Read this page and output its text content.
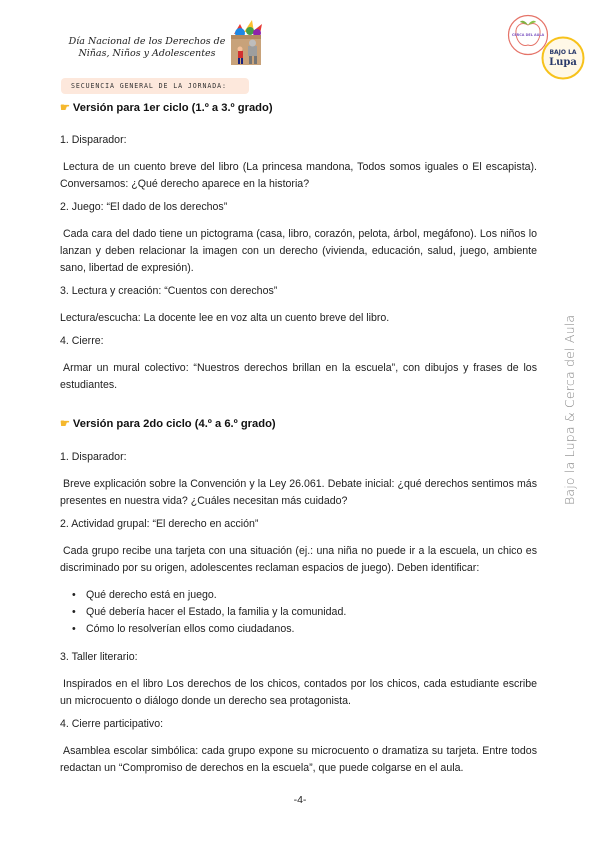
Día Nacional de los Derechos de
Niñas, Niños y Adolescentes
CERCA DEL AULA
BAJO LA
Lupa
SECUENCIA GENERAL DE LA JORNADA:
☛ Versión para 1er ciclo (1.º a 3.º grado)

1. Disparador:

Lectura de un cuento breve del libro (La princesa mandona, Todos somos iguales o El escapista). Conversamos: ¿Qué derecho aparece en la historia?

2. Juego: “El dado de los derechos”

Cada cara del dado tiene un pictograma (casa, libro, corazón, pelota, árbol, megáfono). Los niños lo lanzan y deben relacionar la imagen con un derecho (vivienda, educación, salud, juego, ambiente sano, libertad de expresión).

3. Lectura y creación: “Cuentos con derechos”

Lectura/escucha: La docente lee en voz alta un cuento breve del libro.

4. Cierre:

Armar un mural colectivo: “Nuestros derechos brillan en la escuela”, con dibujos y frases de los estudiantes.

☛ Versión para 2do ciclo (4.º a 6.º grado)

1. Disparador:

Breve explicación sobre la Convención y la Ley 26.061. Debate inicial: ¿qué derechos sentimos más presentes en nuestra vida? ¿Cuáles necesitan más cuidado?

2. Actividad grupal: “El derecho en acción”

Cada grupo recibe una tarjeta con una situación (ej.: una niña no puede ir a la escuela, un chico es discriminado por su origen, adolescentes reclaman espacios de juego). Deben identificar:

• Qué derecho está en juego.
• Qué debería hacer el Estado, la familia y la comunidad.
• Cómo lo resolverían ellos como ciudadanos.

3. Taller literario:

Inspirados en el libro Los derechos de los chicos, contados por los chicos, cada estudiante escribe un microcuento o diálogo donde un derecho sea protagonista.

4. Cierre participativo:

Asamblea escolar simbólica: cada grupo expone su microcuento o dramatiza su tarjeta. Entre todos redactan un “Compromiso de derechos en la escuela”, que puede colgarse en el aula.

Bajo la Lupa & Cerca del Aula
-4-
